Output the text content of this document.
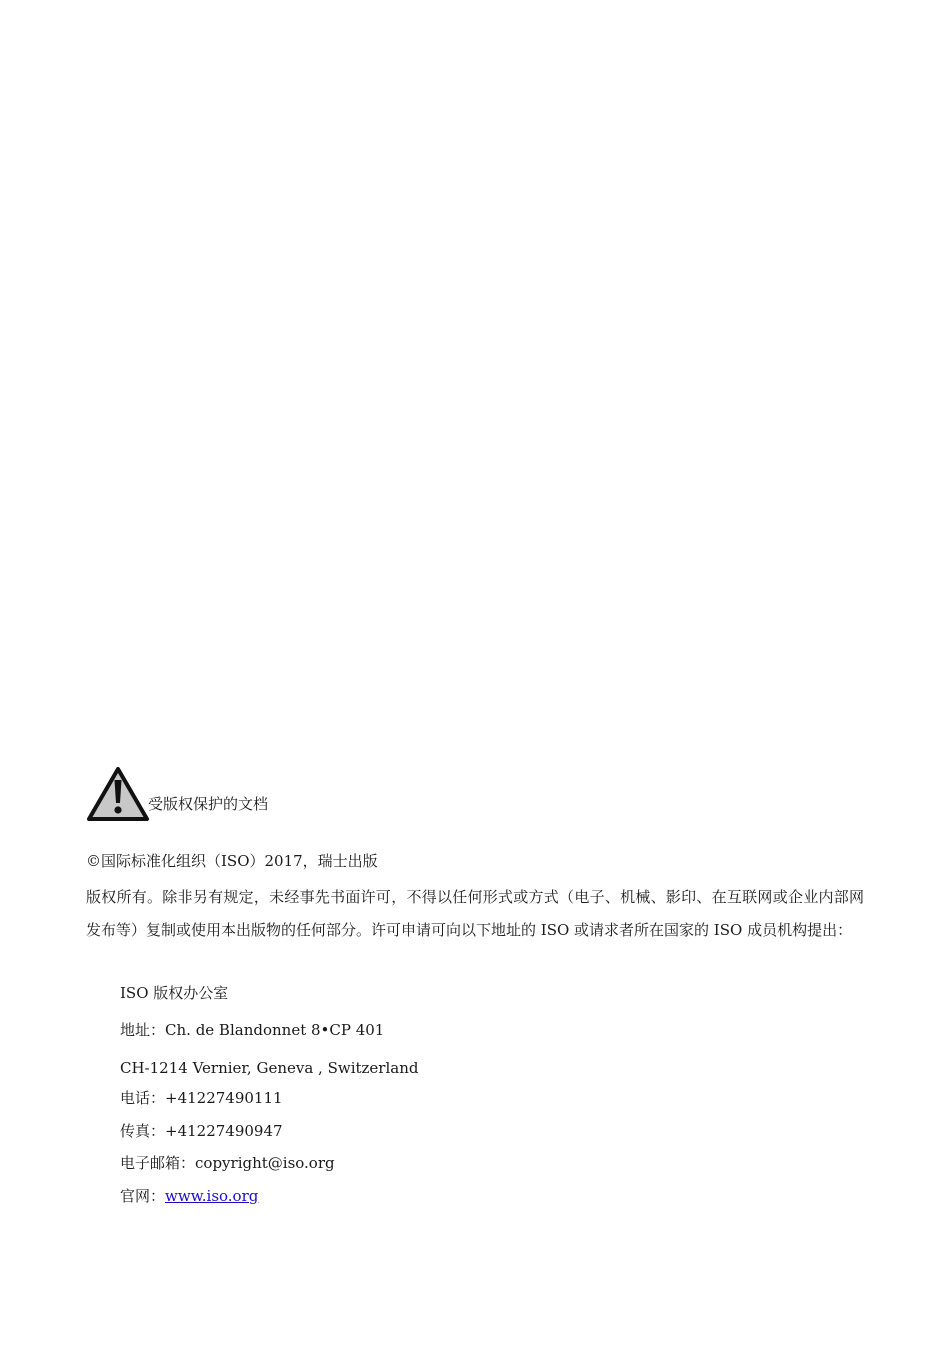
受版权保护的文档
©国际标准化组织（ISO）2017，瑞士出版
版权所有。除非另有规定，未经事先书面许可，不得以任何形式或方式（电子、机械、影印、在互联网或企业内部网发布等）复制或使用本出版物的任何部分。许可申请可向以下地址的 ISO 或请求者所在国家的 ISO 成员机构提出：
ISO 版权办公室
地址：Ch. de Blandonnet 8•CP 401
CH-1214 Vernier, Geneva , Switzerland
电话：+41227490111
传真：+41227490947
电子邮箱：copyright@iso.org
官网：www.iso.org
